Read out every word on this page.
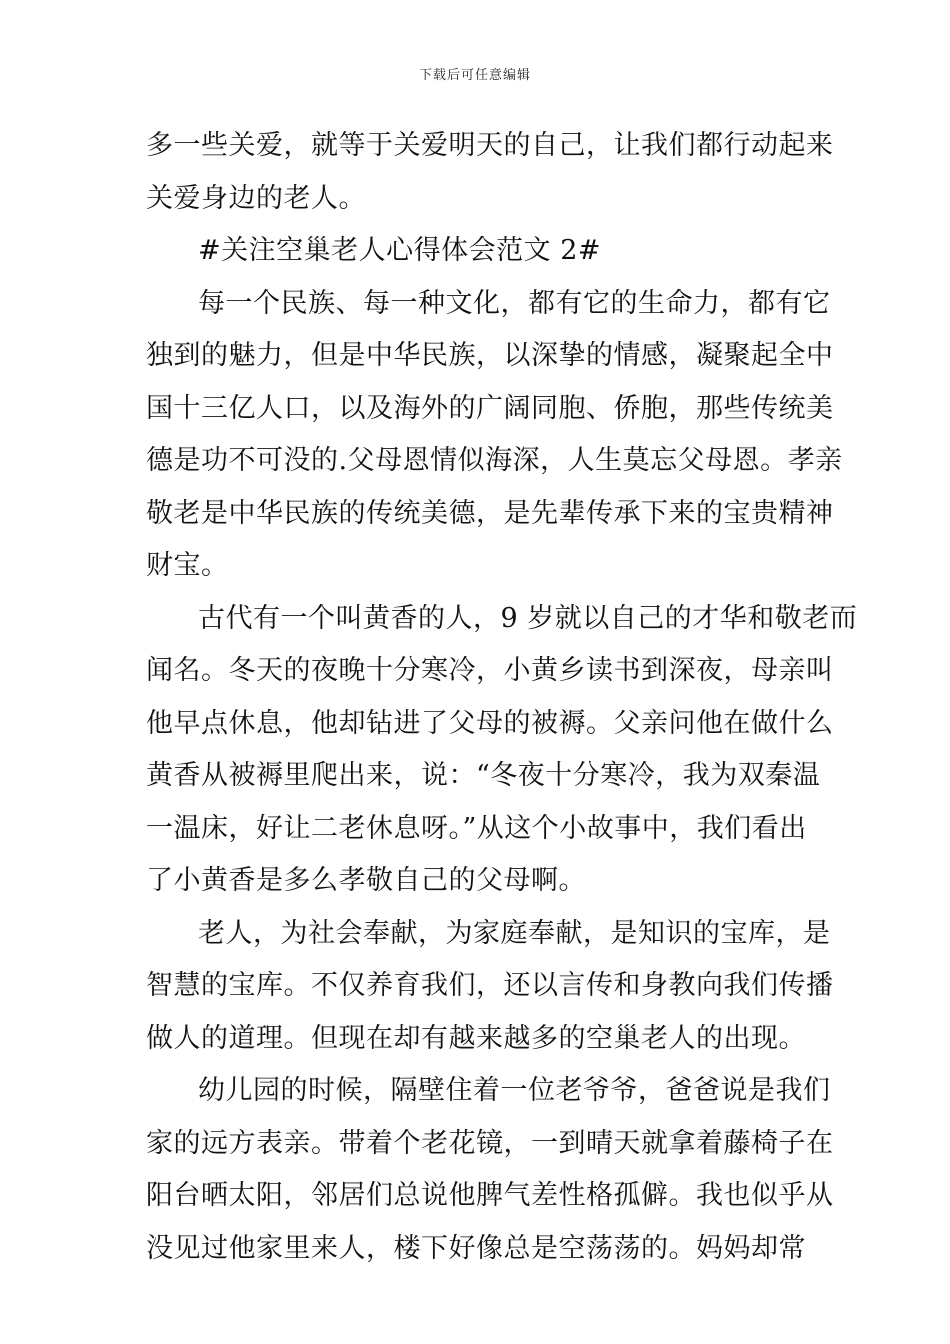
下载后可任意编辑
多一些关爱，就等于关爱明天的自己，让我们都行动起来
关爱身边的老人。
#关注空巢老人心得体会范文 2#
每一个民族、每一种文化，都有它的生命力，都有它
独到的魅力，但是中华民族，以深挚的情感，凝聚起全中
国十三亿人口，以及海外的广阔同胞、侨胞，那些传统美
德是功不可没的.父母恩情似海深，人生莫忘父母恩。孝亲
敬老是中华民族的传统美德，是先辈传承下来的宝贵精神
财宝。
古代有一个叫黄香的人，9 岁就以自己的才华和敬老而
闻名。冬天的夜晚十分寒冷，小黄乡读书到深夜，母亲叫
他早点休息，他却钻进了父母的被褥。父亲问他在做什么
黄香从被褥里爬出来，说：“冬夜十分寒冷，我为双秦温
一温床，好让二老休息呀。”从这个小故事中，我们看出
了小黄香是多么孝敬自己的父母啊。
老人，为社会奉献，为家庭奉献，是知识的宝库，是
智慧的宝库。不仅养育我们，还以言传和身教向我们传播
做人的道理。但现在却有越来越多的空巢老人的出现。
幼儿园的时候，隔壁住着一位老爷爷，爸爸说是我们
家的远方表亲。带着个老花镜，一到晴天就拿着藤椅子在
阳台晒太阳，邻居们总说他脾气差性格孤僻。我也似乎从
没见过他家里来人，楼下好像总是空荡荡的。妈妈却常
